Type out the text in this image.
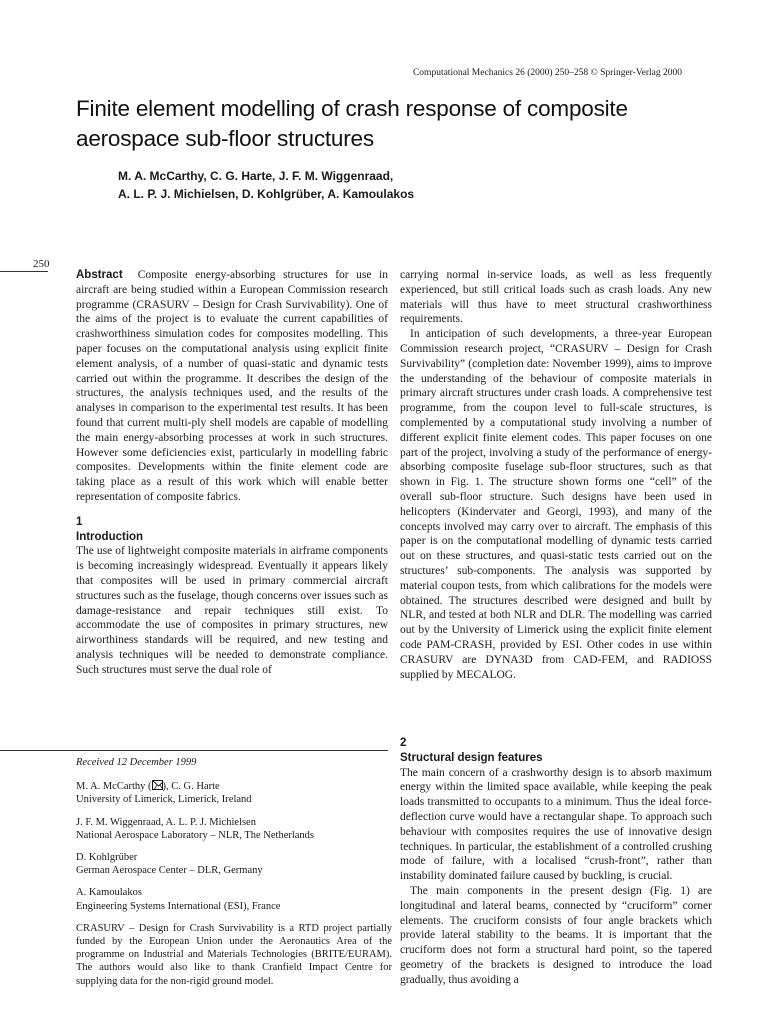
Computational Mechanics 26 (2000) 250–258 © Springer-Verlag 2000
Finite element modelling of crash response of composite aerospace sub-floor structures
M. A. McCarthy, C. G. Harte, J. F. M. Wiggenraad,
A. L. P. J. Michielsen, D. Kohlgrüber, A. Kamoulakos
250

Abstract Composite energy-absorbing structures for use in aircraft are being studied within a European Commission research programme (CRASURV – Design for Crash Survivability). One of the aims of the project is to evaluate the current capabilities of crashworthiness simulation codes for composites modelling. This paper focuses on the computational analysis using explicit finite element analysis, of a number of quasi-static and dynamic tests carried out within the programme. It describes the design of the structures, the analysis techniques used, and the results of the analyses in comparison to the experimental test results. It has been found that current multi-ply shell models are capable of modelling the main energy-absorbing processes at work in such structures. However some deficiencies exist, particularly in modelling fabric composites. Developments within the finite element code are taking place as a result of this work which will enable better representation of composite fabrics.

1
Introduction

The use of lightweight composite materials in airframe components is becoming increasingly widespread. Eventually it appears likely that composites will be used in primary commercial aircraft structures such as the fuselage, though concerns over issues such as damage-resistance and repair techniques still exist. To accommodate the use of composites in primary structures, new airworthiness standards will be required, and new testing and analysis techniques will be needed to demonstrate compliance. Such structures must serve the dual role of

carrying normal in-service loads, as well as less frequently experienced, but still critical loads such as crash loads. Any new materials will thus have to meet structural crashworthiness requirements.

In anticipation of such developments, a three-year European Commission research project, “CRASURV – Design for Crash Survivability” (completion date: November 1999), aims to improve the understanding of the behaviour of composite materials in primary aircraft structures under crash loads. A comprehensive test programme, from the coupon level to full-scale structures, is complemented by a computational study involving a number of different explicit finite element codes. This paper focuses on one part of the project, involving a study of the performance of energy-absorbing composite fuselage sub-floor structures, such as that shown in Fig. 1. The structure shown forms one “cell” of the overall sub-floor structure. Such designs have been used in helicopters (Kindervater and Georgi, 1993), and many of the concepts involved may carry over to aircraft. The emphasis of this paper is on the computational modelling of dynamic tests carried out on these structures, and quasi-static tests carried out on the structures’ sub-components. The analysis was supported by material coupon tests, from which calibrations for the models were obtained. The structures described were designed and built by NLR, and tested at both NLR and DLR. The modelling was carried out by the University of Limerick using the explicit finite element code PAM-CRASH, provided by ESI. Other codes in use within CRASURV are DYNA3D from CAD-FEM, and RADIOSS supplied by MECALOG.

2
Structural design features

The main concern of a crashworthy design is to absorb maximum energy within the limited space available, while keeping the peak loads transmitted to occupants to a minimum. Thus the ideal force-deflection curve would have a rectangular shape. To approach such behaviour with composites requires the use of innovative design techniques. In particular, the establishment of a controlled crushing mode of failure, with a localised “crush-front”, rather than instability dominated failure caused by buckling, is crucial.

The main components in the present design (Fig. 1) are longitudinal and lateral beams, connected by “cruciform” corner elements. The cruciform consists of four angle brackets which provide lateral stability to the beams. It is important that the cruciform does not form a structural hard point, so the tapered geometry of the brackets is designed to introduce the load gradually, thus avoiding a

Received 12 December 1999

M. A. McCarthy ( ), C. G. Harte
University of Limerick, Limerick, Ireland

J. F. M. Wiggenraad, A. L. P. J. Michielsen
National Aerospace Laboratory – NLR, The Netherlands

D. Kohlgrüber
German Aerospace Center – DLR, Germany

A. Kamoulakos
Engineering Systems International (ESI), France

CRASURV – Design for Crash Survivability is a RTD project partially funded by the European Union under the Aeronautics Area of the programme on Industrial and Materials Technologies (BRITE/EURAM). The authors would also like to thank Cranfield Impact Centre for supplying data for the non-rigid ground model.
